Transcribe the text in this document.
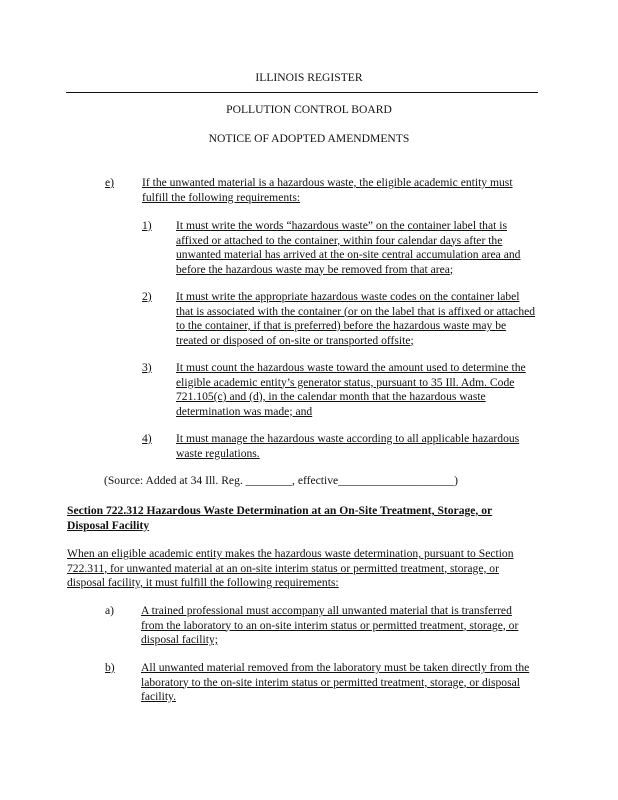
ILLINOIS REGISTER
POLLUTION CONTROL BOARD
NOTICE OF ADOPTED AMENDMENTS
e) If the unwanted material is a hazardous waste, the eligible academic entity must fulfill the following requirements:
1) It must write the words “hazardous waste” on the container label that is affixed or attached to the container, within four calendar days after the unwanted material has arrived at the on-site central accumulation area and before the hazardous waste may be removed from that area;
2) It must write the appropriate hazardous waste codes on the container label that is associated with the container (or on the label that is affixed or attached to the container, if that is preferred) before the hazardous waste may be treated or disposed of on-site or transported offsite;
3) It must count the hazardous waste toward the amount used to determine the eligible academic entity’s generator status, pursuant to 35 Ill. Adm. Code 721.105(c) and (d), in the calendar month that the hazardous waste determination was made; and
4) It must manage the hazardous waste according to all applicable hazardous waste regulations.
(Source: Added at 34 Ill. Reg. ________, effective____________________)
Section 722.312 Hazardous Waste Determination at an On-Site Treatment, Storage, or Disposal Facility
When an eligible academic entity makes the hazardous waste determination, pursuant to Section 722.311, for unwanted material at an on-site interim status or permitted treatment, storage, or disposal facility, it must fulfill the following requirements:
a) A trained professional must accompany all unwanted material that is transferred from the laboratory to an on-site interim status or permitted treatment, storage, or disposal facility;
b) All unwanted material removed from the laboratory must be taken directly from the laboratory to the on-site interim status or permitted treatment, storage, or disposal facility.
